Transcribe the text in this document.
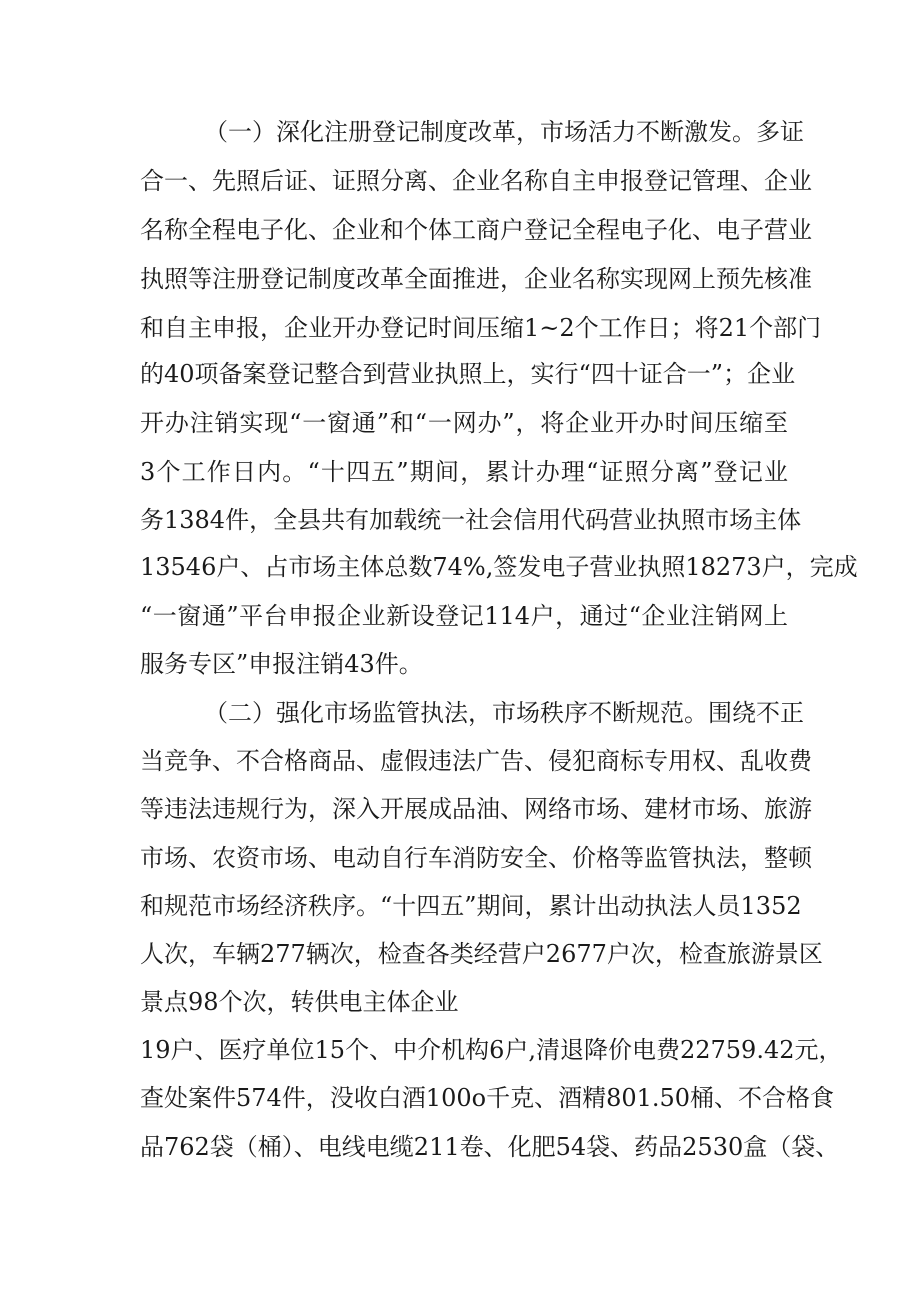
（一）深化注册登记制度改革，市场活力不断激发。多证
合一、先照后证、证照分离、企业名称自主申报登记管理、企业
名称全程电子化、企业和个体工商户登记全程电子化、电子营业
执照等注册登记制度改革全面推进，企业名称实现网上预先核准
和自主申报，企业开办登记时间压缩1~2个工作日；将21个部门
的40项备案登记整合到营业执照上，实行“四十证合一”；企业
开办注销实现“一窗通”和“一网办”，将企业开办时间压缩至
3个工作日内。“十四五”期间，累计办理“证照分离”登记业
务1384件，全县共有加载统一社会信用代码营业执照市场主体
13546户、占市场主体总数74%,签发电子营业执照18273户，完成
“一窗通”平台申报企业新设登记114户，通过“企业注销网上
服务专区”申报注销43件。
（二）强化市场监管执法，市场秩序不断规范。围绕不正
当竞争、不合格商品、虚假违法广告、侵犯商标专用权、乱收费
等违法违规行为，深入开展成品油、网络市场、建材市场、旅游
市场、农资市场、电动自行车消防安全、价格等监管执法，整顿
和规范市场经济秩序。“十四五”期间，累计出动执法人员1352
人次，车辆277辆次，检查各类经营户2677户次，检查旅游景区
景点98个次，转供电主体企业
19户、医疗单位15个、中介机构6户,清退降价电费22759.42元，
查处案件574件，没收白酒100o千克、酒精801.50桶、不合格食
品762袋（桶）、电线电缆211卷、化肥54袋、药品2530盒（袋、
